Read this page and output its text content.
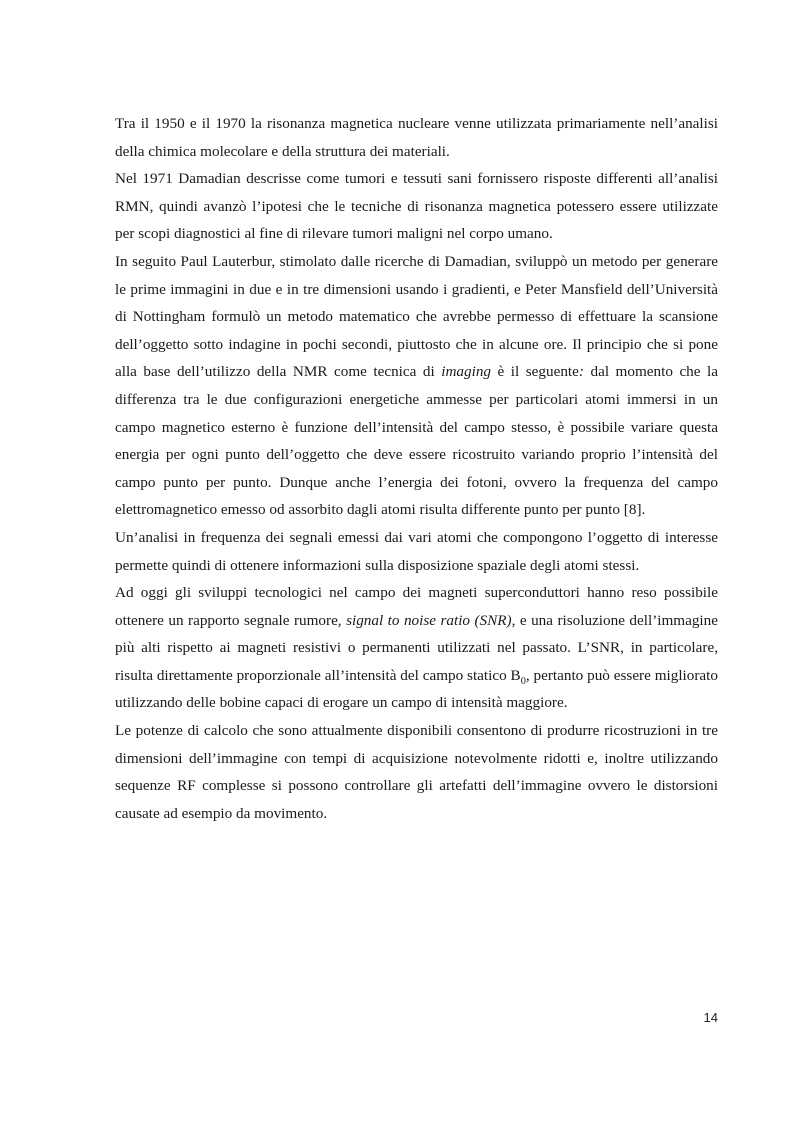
Tra il 1950 e il 1970 la risonanza magnetica nucleare venne utilizzata primariamente nell’analisi della chimica molecolare e della struttura dei materiali.

Nel 1971 Damadian descrisse come tumori e tessuti sani fornissero risposte differenti all’analisi RMN, quindi avanzò l’ipotesi che le tecniche di risonanza magnetica potessero essere utilizzate per scopi diagnostici al fine di rilevare tumori maligni nel corpo umano.

In seguito Paul Lauterbur, stimolato dalle ricerche di Damadian, sviluppò un metodo per generare le prime immagini in due e in tre dimensioni usando i gradienti, e Peter Mansfield dell’Università di Nottingham formulò un metodo matematico che avrebbe permesso di effettuare la scansione dell’oggetto sotto indagine in pochi secondi, piuttosto che in alcune ore. Il principio che si pone alla base dell’utilizzo della NMR come tecnica di imaging è il seguente: dal momento che la differenza tra le due configurazioni energetiche ammesse per particolari atomi immersi in un campo magnetico esterno è funzione dell’intensità del campo stesso, è possibile variare questa energia per ogni punto dell’oggetto che deve essere ricostruito variando proprio l’intensità del campo punto per punto. Dunque anche l’energia dei fotoni, ovvero la frequenza del campo elettromagnetico emesso od assorbito dagli atomi risulta differente punto per punto [8].

Un’analisi in frequenza dei segnali emessi dai vari atomi che compongono l’oggetto di interesse permette quindi di ottenere informazioni sulla disposizione spaziale degli atomi stessi.

Ad oggi gli sviluppi tecnologici nel campo dei magneti superconduttori hanno reso possibile ottenere un rapporto segnale rumore, signal to noise ratio (SNR), e una risoluzione dell’immagine più alti rispetto ai magneti resistivi o permanenti utilizzati nel passato. L’SNR, in particolare, risulta direttamente proporzionale all’intensità del campo statico $B_0$, pertanto può essere migliorato utilizzando delle bobine capaci di erogare un campo di intensità maggiore.

Le potenze di calcolo che sono attualmente disponibili consentono di produrre ricostruzioni in tre dimensioni dell’immagine con tempi di acquisizione notevolmente ridotti e, inoltre utilizzando sequenze RF complesse si possono controllare gli artefatti dell’immagine ovvero le distorsioni causate ad esempio da movimento.

14
